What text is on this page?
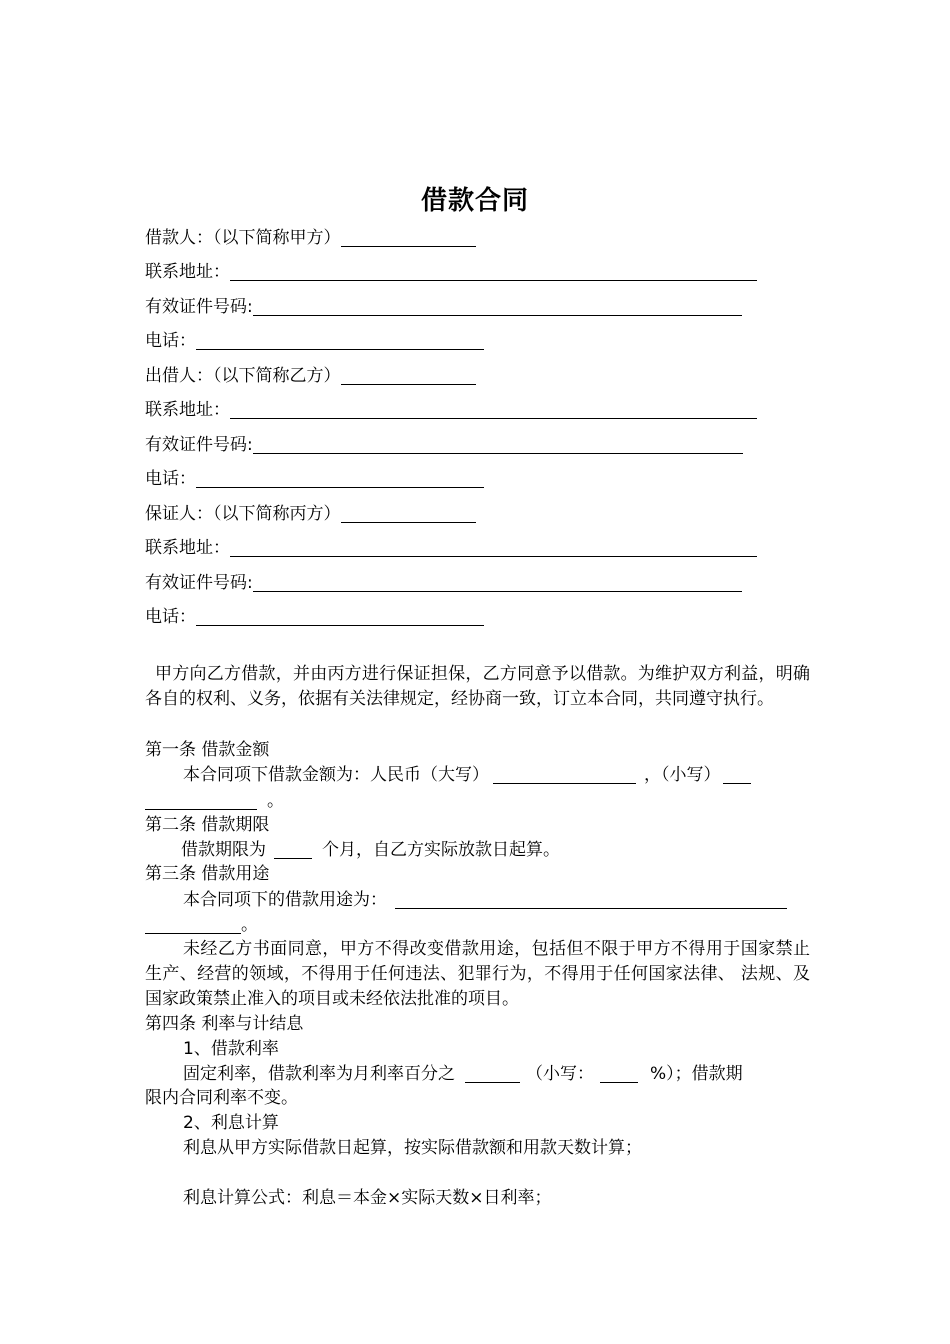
借款合同
借款人：（以下简称甲方）
联系地址：
有效证件号码:
电话：
出借人：（以下简称乙方）
联系地址：
有效证件号码:
电话：
保证人：（以下简称丙方）
联系地址：
有效证件号码:
电话：
甲方向乙方借款，并由丙方进行保证担保，乙方同意予以借款。为维护双方利益，明确各自的权利、义务，依据有关法律规定，经协商一致，订立本合同，共同遵守执行。
第一条 借款金额
本合同项下借款金额为：人民币（大写）	，（小写）
。
第二条 借款期限
借款期限为	个月，自乙方实际放款日起算。
第三条 借款用途
本合同项下的借款用途为：
。
未经乙方书面同意，甲方不得改变借款用途，包括但不限于甲方不得用于国家禁止生产、经营的领域，不得用于任何违法、犯罪行为，不得用于任何国家法律、 法规、及国家政策禁止准入的项目或未经依法批准的项目。
第四条 利率与计结息
1、借款利率
固定利率，借款利率为月利率百分之	（小写：	%）；借款期
限内合同利率不变。
2、利息计算
利息从甲方实际借款日起算，按实际借款额和用款天数计算；
利息计算公式：利息＝本金×实际天数×日利率；
